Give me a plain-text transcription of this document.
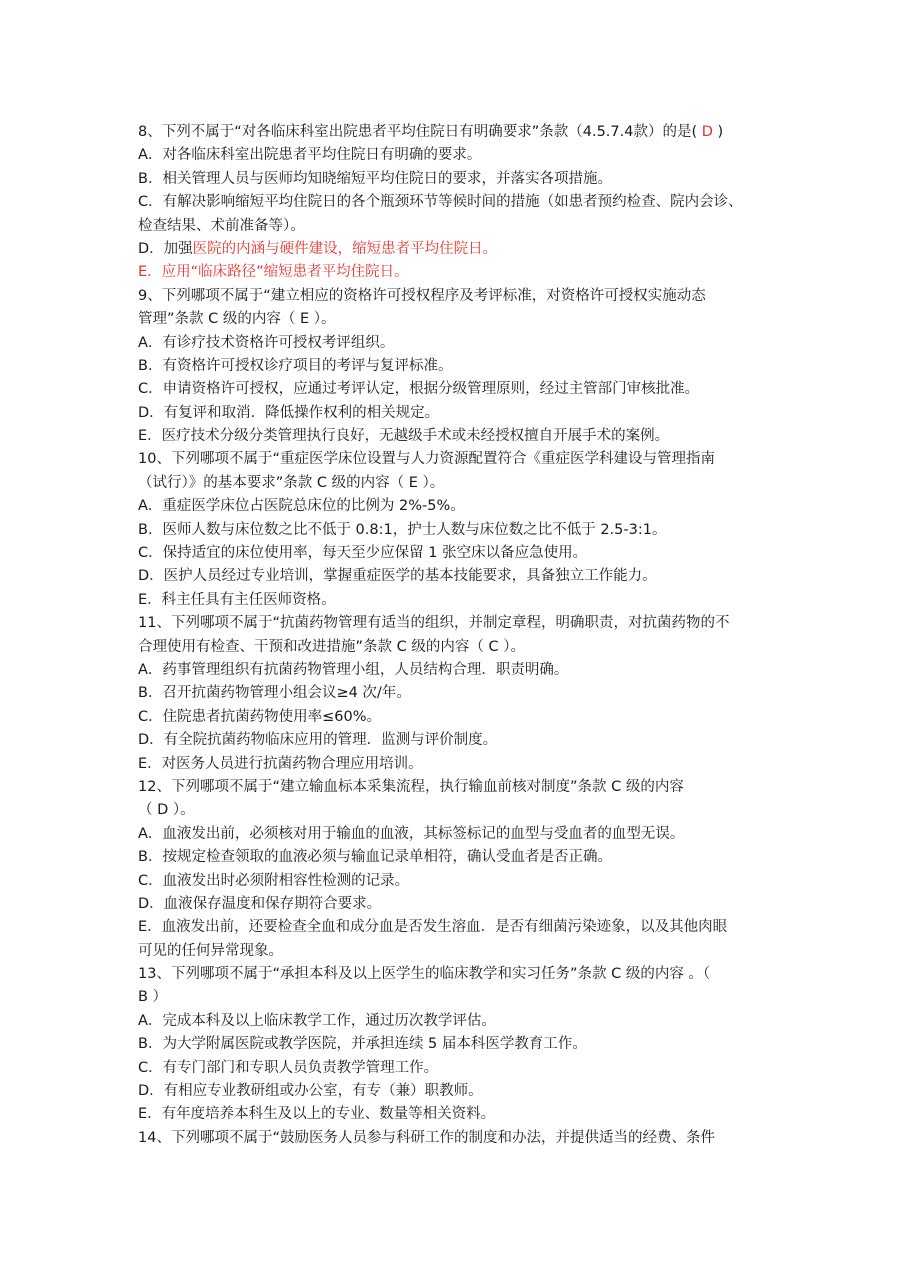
8、下列不属于“对各临床科室出院患者平均住院日有明确要求”条款（4.5.7.4款）的是( D )
A．对各临床科室出院患者平均住院日有明确的要求。
B．相关管理人员与医师均知晓缩短平均住院日的要求，并落实各项措施。
C．有解决影响缩短平均住院日的各个瓶颈环节等候时间的措施（如患者预约检查、院内会诊、
检查结果、术前准备等）。
D．加强医院的内涵与硬件建设，缩短患者平均住院日。
E．应用“临床路径”缩短患者平均住院日。
9、下列哪项不属于“建立相应的资格许可授权程序及考评标准，对资格许可授权实施动态
管理”条款 C 级的内容（ E ）。
A．有诊疗技术资格许可授权考评组织。
B．有资格许可授权诊疗项目的考评与复评标准。
C．申请资格许可授权，应通过考评认定，根据分级管理原则，经过主管部门审核批准。
D．有复评和取消．降低操作权利的相关规定。
E．医疗技术分级分类管理执行良好，无越级手术或未经授权擅自开展手术的案例。
10、下列哪项不属于“重症医学床位设置与人力资源配置符合《重症医学科建设与管理指南
（试行）》的基本要求”条款 C 级的内容（ E ）。
A．重症医学床位占医院总床位的比例为 2%-5%。
B．医师人数与床位数之比不低于 0.8:1，护士人数与床位数之比不低于 2.5-3:1。
C．保持适宜的床位使用率，每天至少应保留 1 张空床以备应急使用。
D．医护人员经过专业培训，掌握重症医学的基本技能要求，具备独立工作能力。
E．科主任具有主任医师资格。
11、下列哪项不属于“抗菌药物管理有适当的组织，并制定章程，明确职责，对抗菌药物的不
合理使用有检查、干预和改进措施”条款 C 级的内容（ C ）。
A．药事管理组织有抗菌药物管理小组，人员结构合理．职责明确。
B．召开抗菌药物管理小组会议≥4 次/年。
C．住院患者抗菌药物使用率≤60%。
D．有全院抗菌药物临床应用的管理．监测与评价制度。
E．对医务人员进行抗菌药物合理应用培训。
12、下列哪项不属于“建立输血标本采集流程，执行输血前核对制度”条款 C 级的内容
（ D ）。
A．血液发出前，必须核对用于输血的血液，其标签标记的血型与受血者的血型无误。
B．按规定检查领取的血液必须与输血记录单相符，确认受血者是否正确。
C．血液发出时必须附相容性检测的记录。
D．血液保存温度和保存期符合要求。
E．血液发出前，还要检查全血和成分血是否发生溶血．是否有细菌污染迹象，以及其他肉眼
可见的任何异常现象。
13、下列哪项不属于“承担本科及以上医学生的临床教学和实习任务”条款 C 级的内容 。（
B ）
A．完成本科及以上临床教学工作，通过历次教学评估。
B．为大学附属医院或教学医院，并承担连续 5 届本科医学教育工作。
C．有专门部门和专职人员负责教学管理工作。
D．有相应专业教研组或办公室，有专（兼）职教师。
E．有年度培养本科生及以上的专业、数量等相关资料。
14、下列哪项不属于“鼓励医务人员参与科研工作的制度和办法，并提供适当的经费、条件
